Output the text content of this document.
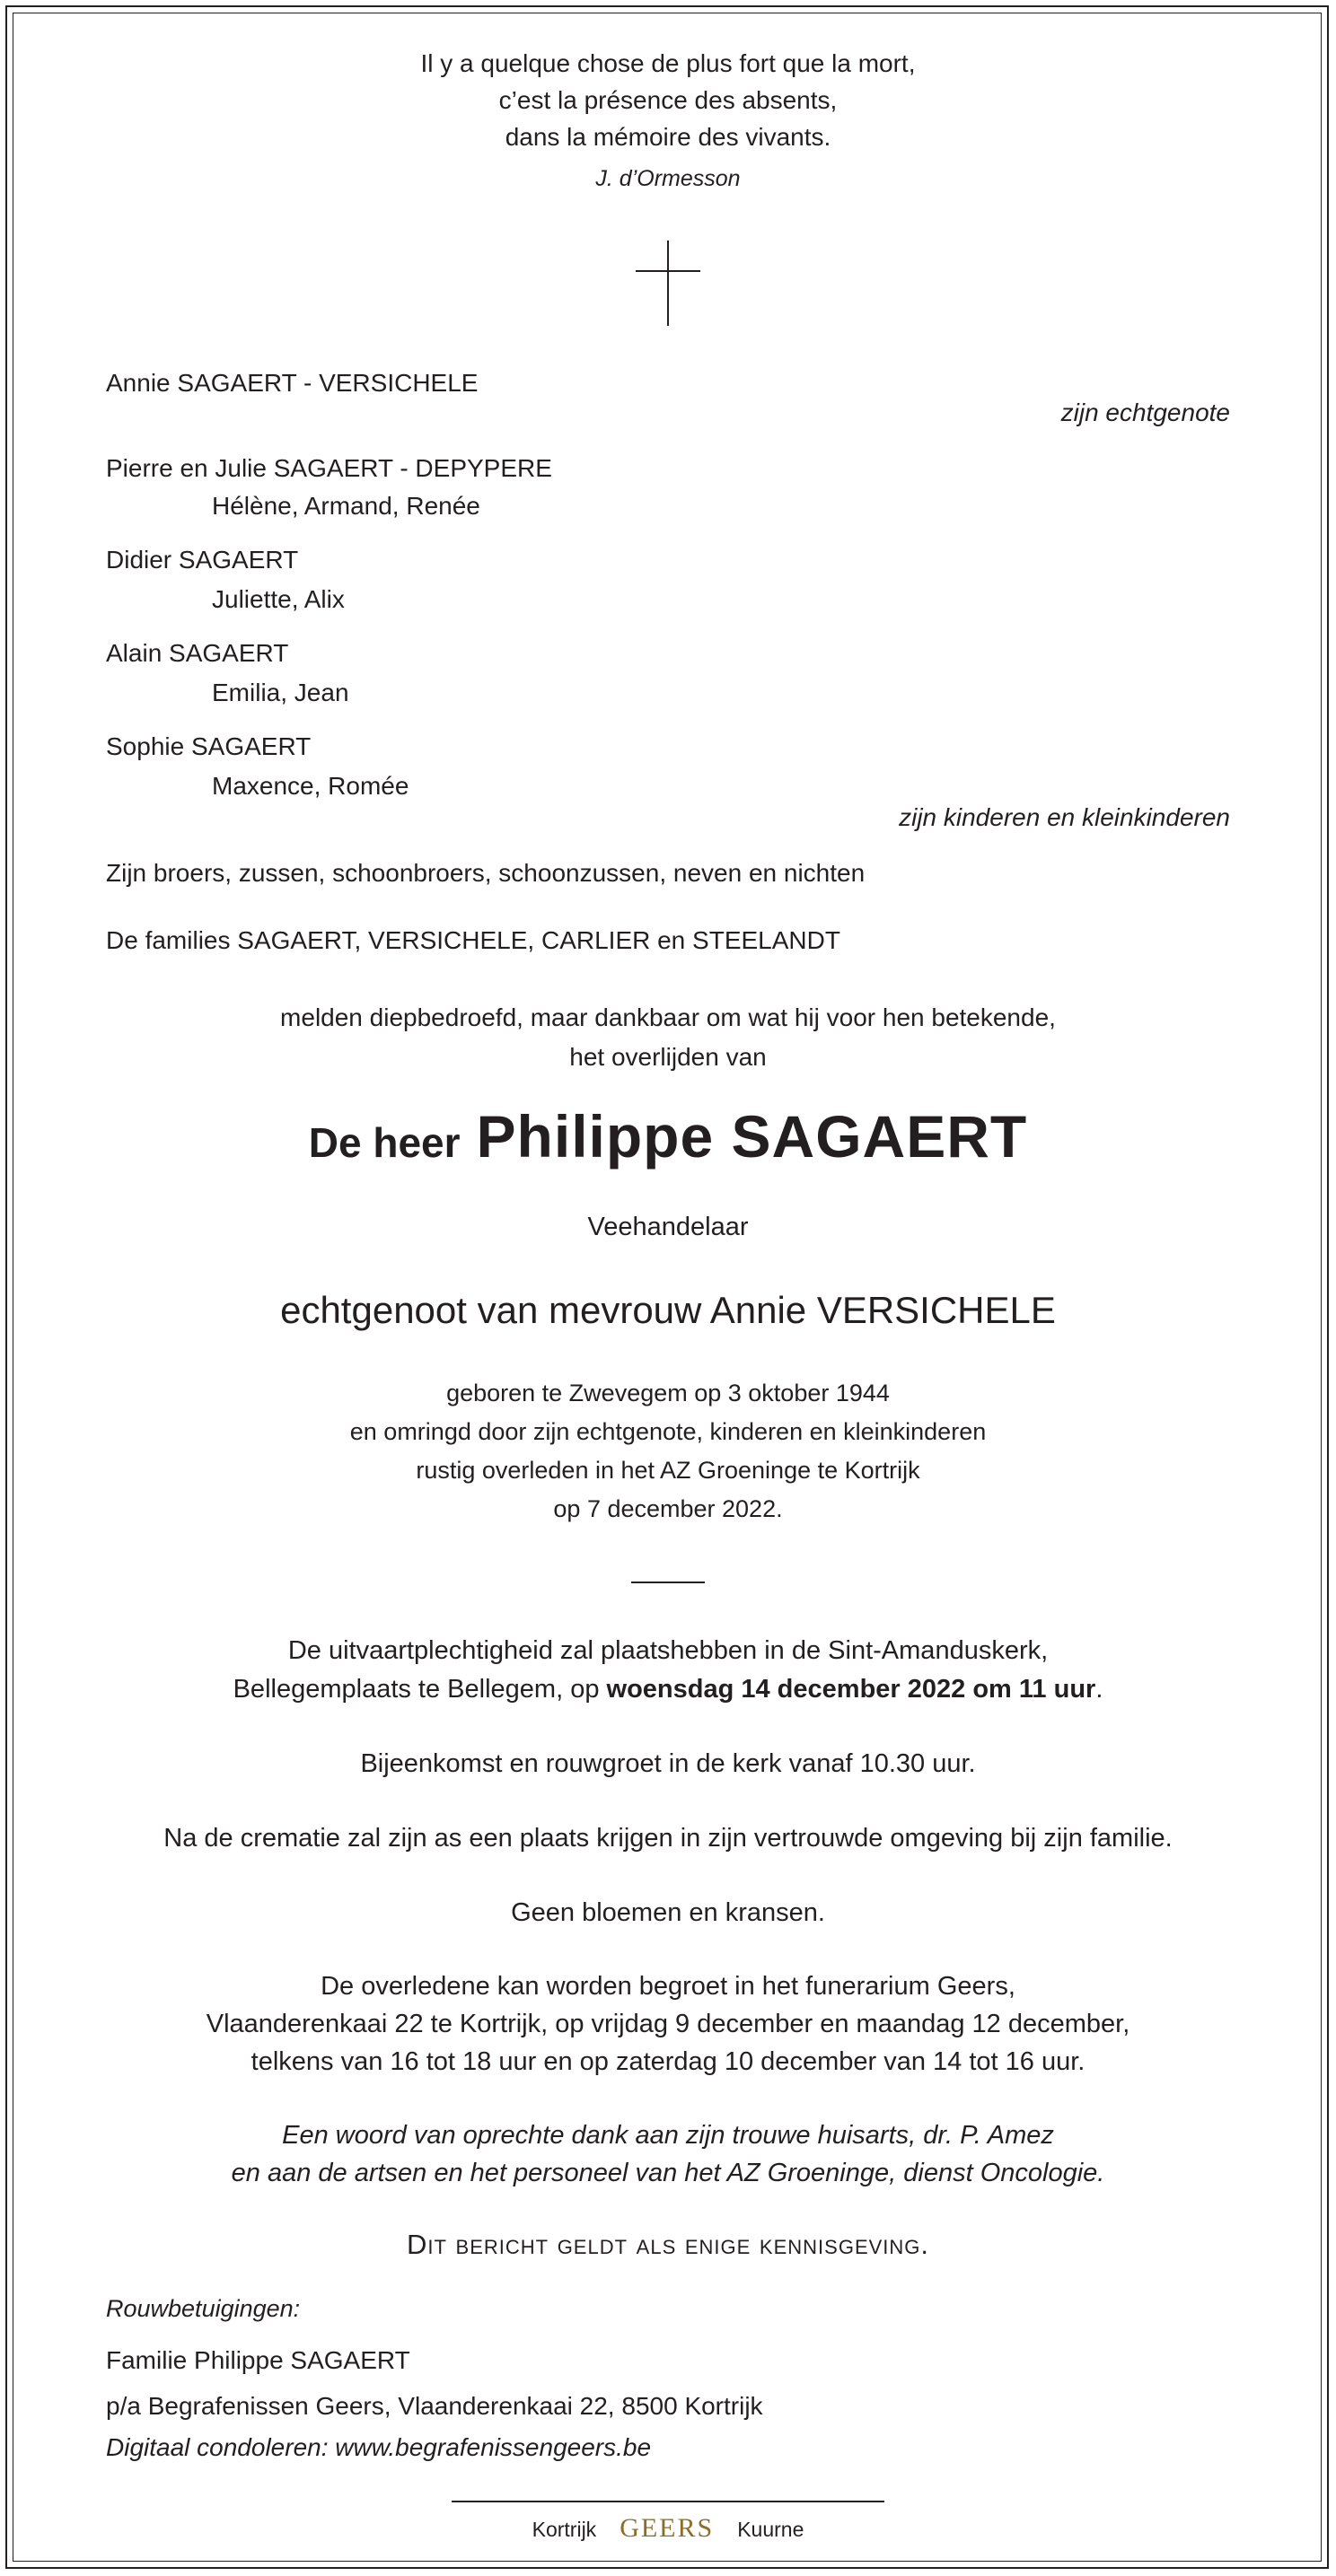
Il y a quelque chose de plus fort que la mort,
c’est la présence des absents,
dans la mémoire des vivants.
J. d’Ormesson
Annie SAGAERT - VERSICHELE
zijn echtgenote
Pierre en Julie SAGAERT - DEPYPERE
Hélène, Armand, Renée
Didier SAGAERT
Juliette, Alix
Alain SAGAERT
Emilia, Jean
Sophie SAGAERT
Maxence, Romée
zijn kinderen en kleinkinderen
Zijn broers, zussen, schoonbroers, schoonzussen, neven en nichten
De families SAGAERT, VERSICHELE, CARLIER en STEELANDT
melden diepbedroefd, maar dankbaar om wat hij voor hen betekende,
het overlijden van
De heer Philippe SAGAERT
Veehandelaar
echtgenoot van mevrouw Annie VERSICHELE
geboren te Zwevegem op 3 oktober 1944
en omringd door zijn echtgenote, kinderen en kleinkinderen
rustig overleden in het AZ Groeninge te Kortrijk
op 7 december 2022.
De uitvaartplechtigheid zal plaatshebben in de Sint-Amanduskerk,
Bellegemplaats te Bellegem, op woensdag 14 december 2022 om 11 uur.
Bijeenkomst en rouwgroet in de kerk vanaf 10.30 uur.
Na de crematie zal zijn as een plaats krijgen in zijn vertrouwde omgeving bij zijn familie.
Geen bloemen en kransen.
De overledene kan worden begroet in het funerarium Geers,
Vlaanderenkaai 22 te Kortrijk, op vrijdag 9 december en maandag 12 december,
telkens van 16 tot 18 uur en op zaterdag 10 december van 14 tot 16 uur.
Een woord van oprechte dank aan zijn trouwe huisarts, dr. P. Amez
en aan de artsen en het personeel van het AZ Groeninge, dienst Oncologie.
Dit bericht geldt als enige kennisgeving.
Rouwbetuigingen:
Familie Philippe SAGAERT
p/a Begrafenissen Geers, Vlaanderenkaai 22, 8500 Kortrijk
Digitaal condoleren: www.begrafenissengeers.be
Kortrijk GEERS Kuurne
